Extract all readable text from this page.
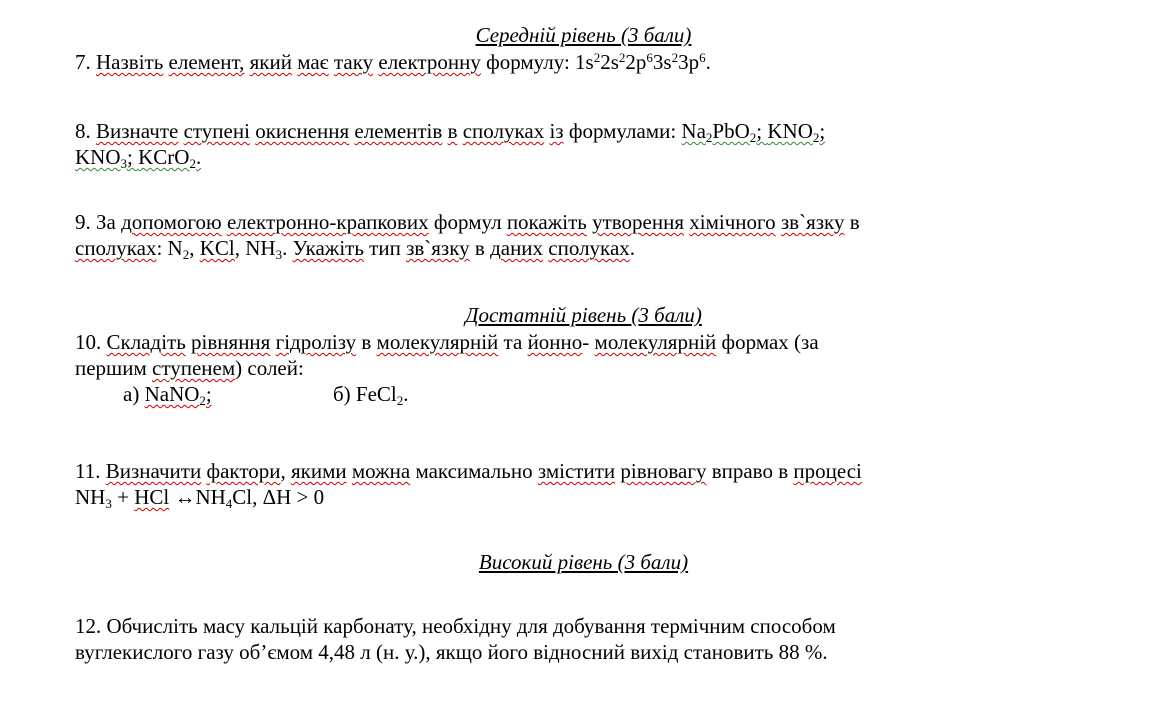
Середній рівень (3 бали)
7. Назвіть елемент, який має таку електронну формулу: $1s^22s^22p^63s^23p^6$.
8. Визначте ступені окиснення елементів в сполуках із формулами: $Na_2PbO_2$; $KNO_2$;
$KNO_3$; KCrO$_2$.
9. За допомогою електронно-крапкових формул покажіть утворення хімічного зв`язку в
сполуках: $N_2$, KCl, $NH_3$. Укажіть тип зв`язку в даних сполуках.
Достатній рівень (3 бали)
10. Складіть рівняння гідролізу в молекулярній та йонно- молекулярній формах (за
першим ступенем) солей:
а) NaNO$_2$;	б) FeCl$_2$.
11. Визначити фактори, якими можна максимально змістити рівновагу вправо в процесі
$NH_3$ + HCl $\leftrightarrow NH_4Cl$, ΔH > 0
Високий рівень (3 бали)
12. Обчисліть масу кальцій карбонату, необхідну для добування термічним способом
вуглекислого газу об’ємом 4,48 л (н. у.), якщо його відносний вихід становить 88 %.
